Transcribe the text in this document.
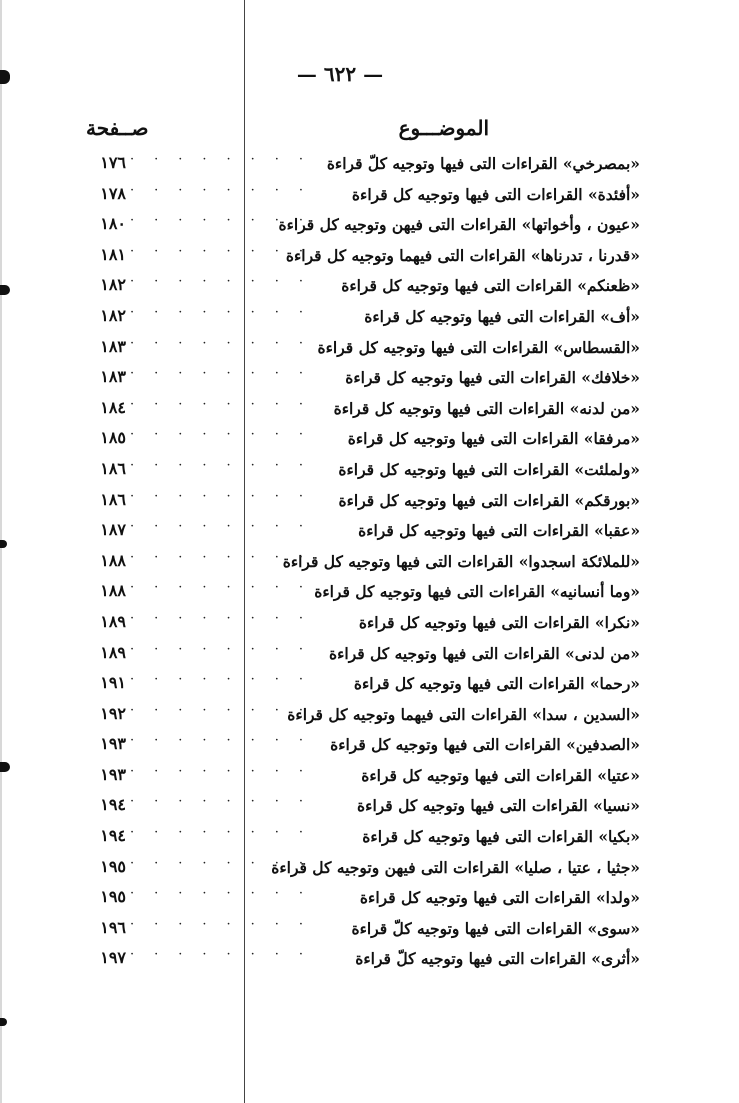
— ٦٢٢ —
الموضـــوع
صــفحة
«بمصرخي» القراءات التى فيها وتوجيه كلّ قراءة
········
١٧٦
«أفئدة» القراءات التى فيها وتوجيه كل قراءة
········
١٧٨
«عيون ، وأخواتها» القراءات التى فيهن وتوجيه كل قراءة
········
١٨٠
«قدرنا ، تدرناها» القراءات التى فيهما وتوجيه كل قراءة
········
١٨١
«ظعنكم» القراءات التى فيها وتوجيه كل قراءة
········
١٨٢
«أف» القراءات التى فيها وتوجيه كل قراءة
········
١٨٢
«القسطاس» القراءات التى فيها وتوجيه كل قراءة
········
١٨٣
«خلافك» القراءات التى فيها وتوجيه كل قراءة
········
١٨٣
«من لدنه» القراءات التى فيها وتوجيه كل قراءة
········
١٨٤
«مرفقا» القراءات التى فيها وتوجيه كل قراءة
········
١٨٥
«ولملئت» القراءات التى فيها وتوجيه كل قراءة
········
١٨٦
«بورقكم» القراءات التى فيها وتوجيه كل قراءة
········
١٨٦
«عقبا» القراءات التى فيها وتوجيه كل قراءة
········
١٨٧
«للملائكة اسجدوا» القراءات التى فيها وتوجيه كل قراءة
········
١٨٨
«وما أنسانيه» القراءات التى فيها وتوجيه كل قراءة
········
١٨٨
«نكرا» القراءات التى فيها وتوجيه كل قراءة
········
١٨٩
«من لدنى» القراءات التى فيها وتوجيه كل قراءة
········
١٨٩
«رحما» القراءات التى فيها وتوجيه كل قراءة
········
١٩١
«السدين ، سدا» القراءات التى فيهما وتوجيه كل قراءة
········
١٩٢
«الصدفين» القراءات التى فيها وتوجيه كل قراءة
········
١٩٣
«عتيا» القراءات التى فيها وتوجيه كل قراءة
········
١٩٣
«نسيا» القراءات التى فيها وتوجيه كل قراءة
········
١٩٤
«بكيا» القراءات التى فيها وتوجيه كل قراءة
········
١٩٤
«جثيا ، عتيا ، صليا» القراءات التى فيهن وتوجيه كل قراءة
········
١٩٥
«ولدا» القراءات التى فيها وتوجيه كل قراءة
········
١٩٥
«سوى» القراءات التى فيها وتوجيه كلّ قراءة
········
١٩٦
«أثرى» القراءات التى فيها وتوجيه كلّ قراءة
········
١٩٧
